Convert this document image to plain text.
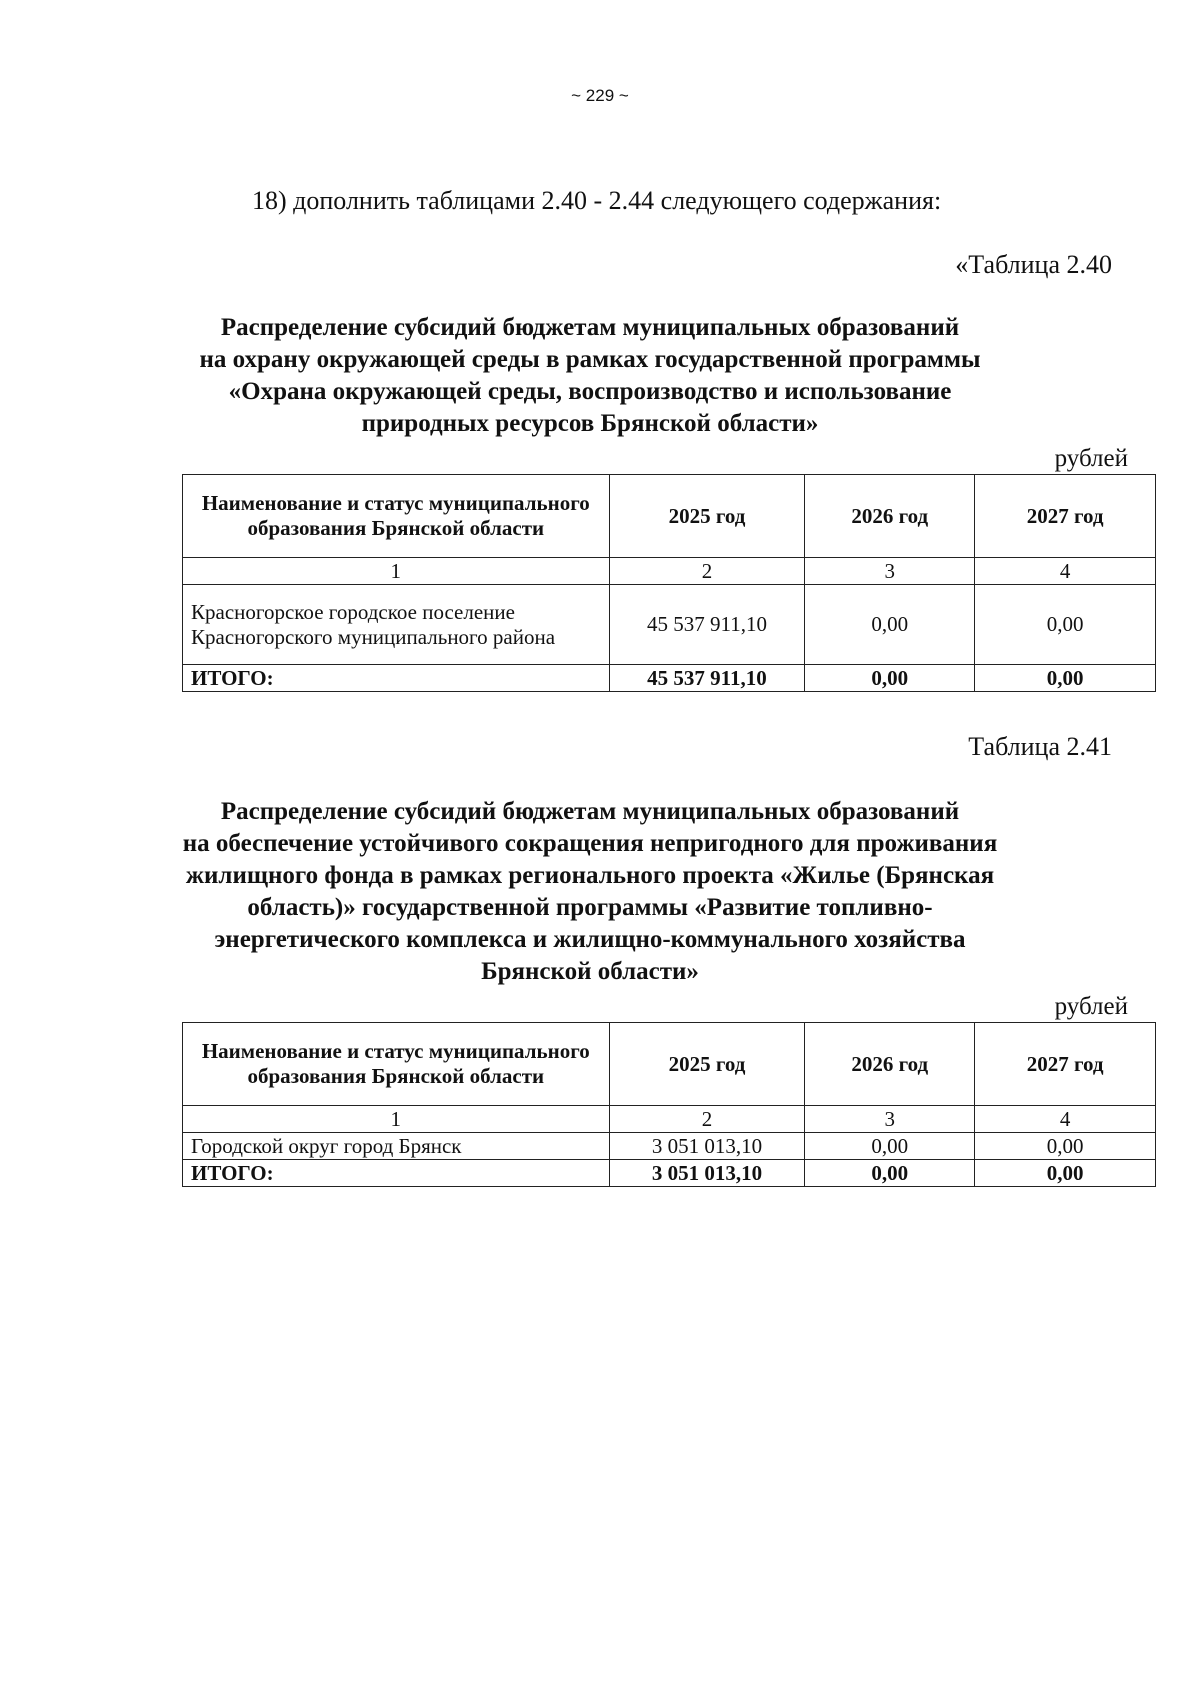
~ 229 ~
18) дополнить таблицами 2.40 - 2.44 следующего содержания:
«Таблица 2.40
Распределение субсидий бюджетам муниципальных образований
на охрану окружающей среды в рамках государственной программы
«Охрана окружающей среды, воспроизводство и использование
природных ресурсов Брянской области»
рублей
Наименование и статус муниципального образования Брянской области	2025 год	2026 год	2027 год
1	2	3	4
Красногорское городское поселение Красногорского муниципального района	45 537 911,10	0,00	0,00
ИТОГО:	45 537 911,10	0,00	0,00
Таблица 2.41
Распределение субсидий бюджетам муниципальных образований
на обеспечение устойчивого сокращения непригодного для проживания
жилищного фонда в рамках регионального проекта «Жилье (Брянская
область)» государственной программы «Развитие топливно-
энергетического комплекса и жилищно-коммунального хозяйства
Брянской области»
рублей
Наименование и статус муниципального образования Брянской области	2025 год	2026 год	2027 год
1	2	3	4
Городской округ город Брянск	3 051 013,10	0,00	0,00
ИТОГО:	3 051 013,10	0,00	0,00
